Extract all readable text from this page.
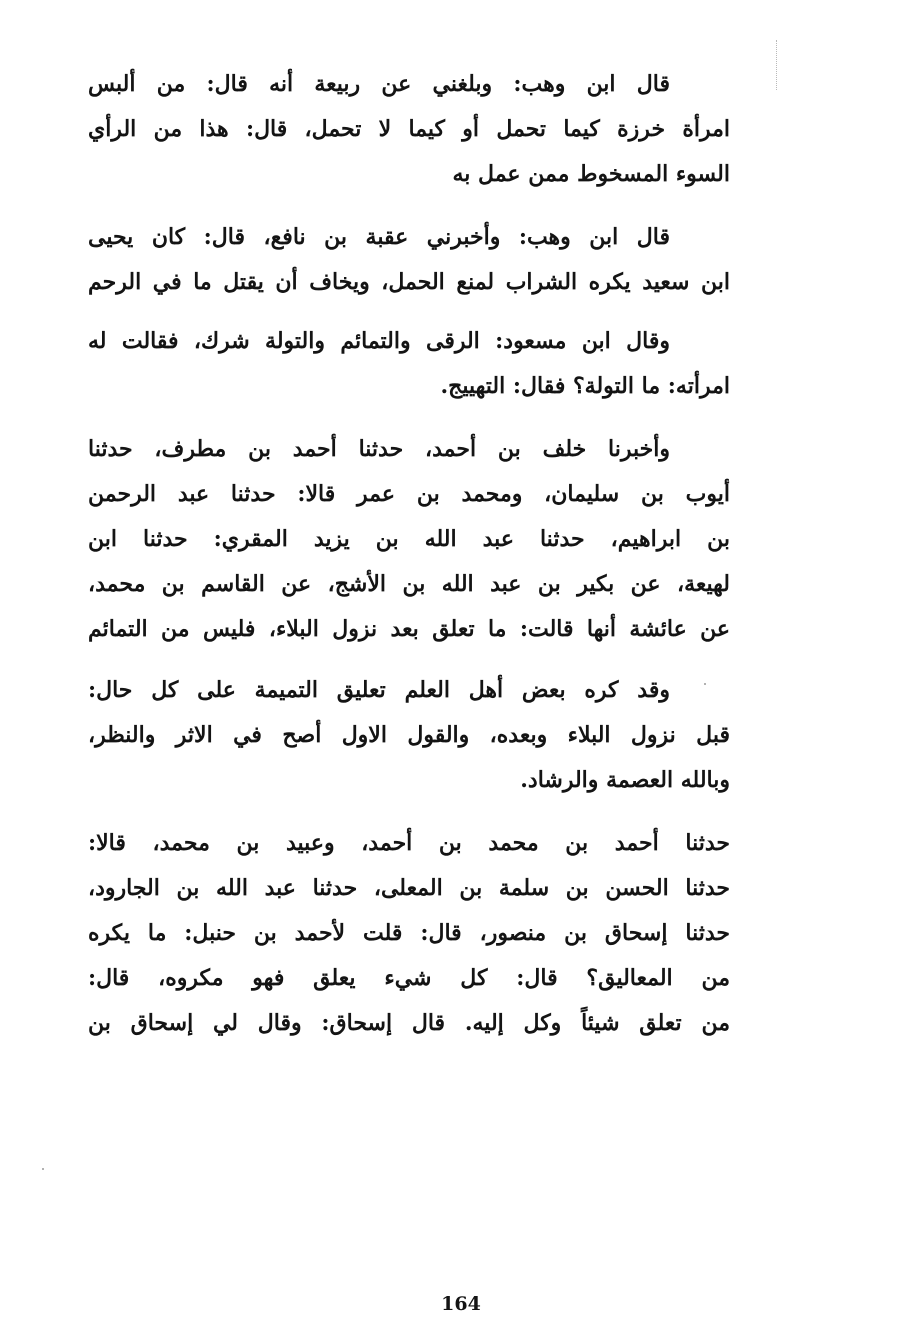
قال ابن وهب: وبلغني عن ربيعة أنه قال: من ألبس
امرأة خرزة كيما تحمل أو كيما لا تحمل، قال: هذا من الرأي
السوء المسخوط ممن عمل به
قال ابن وهب: وأخبرني عقبة بن نافع، قال: كان يحيى
ابن سعيد يكره الشراب لمنع الحمل، ويخاف أن يقتل ما في الرحم
وقال ابن مسعود: الرقى والتمائم والتولة شرك، فقالت له
امرأته: ما التولة؟ فقال: التهييج.
وأخبرنا خلف بن أحمد، حدثنا أحمد بن مطرف، حدثنا
أيوب بن سليمان، ومحمد بن عمر قالا: حدثنا عبد الرحمن
بن ابراهيم، حدثنا عبد الله بن يزيد المقري: حدثنا ابن
لهيعة، عن بكير بن عبد الله بن الأشج، عن القاسم بن محمد،
عن عائشة أنها قالت: ما تعلق بعد نزول البلاء، فليس من التمائم
وقد كره بعض أهل العلم تعليق التميمة على كل حال:
قبل نزول البلاء وبعده، والقول الاول أصح في الاثر والنظر،
وبالله العصمة والرشاد.
حدثنا أحمد بن محمد بن أحمد، وعبيد بن محمد، قالا:
حدثنا الحسن بن سلمة بن المعلى، حدثنا عبد الله بن الجارود،
حدثنا إسحاق بن منصور، قال: قلت لأحمد بن حنبل: ما يكره
من المعاليق؟ قال: كل شيء يعلق فهو مكروه، قال:
من تعلق شيئاً وكل إليه. قال إسحاق: وقال لي إسحاق بن
164
